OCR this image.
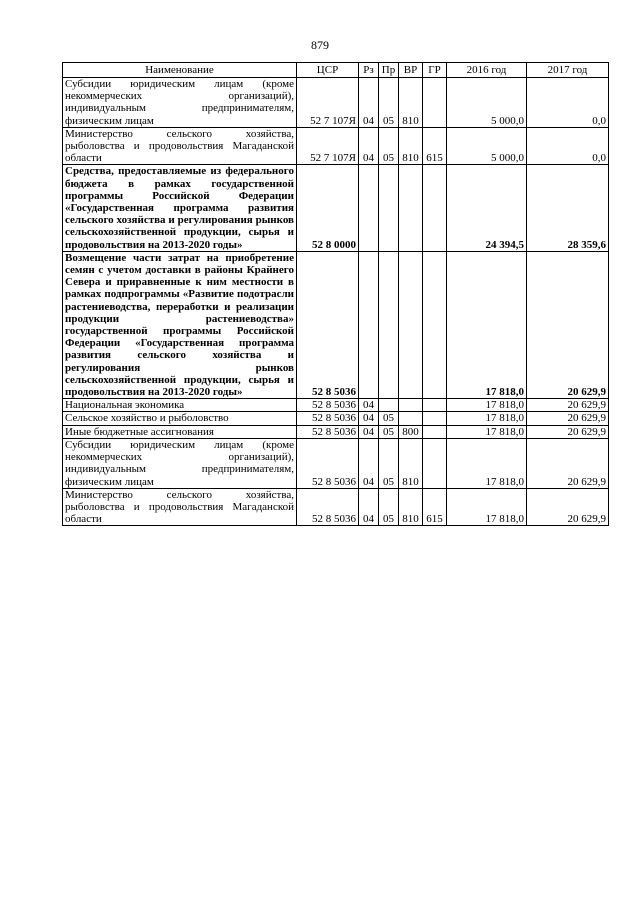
879
Наименование	ЦСР	Рз	Пр	ВР	ГР	2016 год	2017 год
Субсидии юридическим лицам (кроме некоммерческих организаций), индивидуальным предпринимателям, физическим лицам	52 7 107Я	04	05	810		5 000,0	0,0
Министерство сельского хозяйства, рыболовства и продовольствия Магаданской области	52 7 107Я	04	05	810	615	5 000,0	0,0
Средства, предоставляемые из федерального бюджета в рамках государственной программы Российской Федерации «Государственная программа развития сельского хозяйства и регулирования рынков сельскохозяйственной продукции, сырья и продовольствия на 2013-2020 годы»	52 8 0000					24 394,5	28 359,6
Возмещение части затрат на приобретение семян с учетом доставки в районы Крайнего Севера и приравненные к ним местности в рамках подпрограммы «Развитие подотрасли растениеводства, переработки и реализации продукции растениеводства» государственной программы Российской Федерации «Государственная программа развития сельского хозяйства и регулирования рынков сельскохозяйственной продукции, сырья и продовольствия на 2013-2020 годы»	52 8 5036					17 818,0	20 629,9
Национальная экономика	52 8 5036	04				17 818,0	20 629,9
Сельское хозяйство и рыболовство	52 8 5036	04	05			17 818,0	20 629,9
Иные бюджетные ассигнования	52 8 5036	04	05	800		17 818,0	20 629,9
Субсидии юридическим лицам (кроме некоммерческих организаций), индивидуальным предпринимателям, физическим лицам	52 8 5036	04	05	810		17 818,0	20 629,9
Министерство сельского хозяйства, рыболовства и продовольствия Магаданской области	52 8 5036	04	05	810	615	17 818,0	20 629,9
